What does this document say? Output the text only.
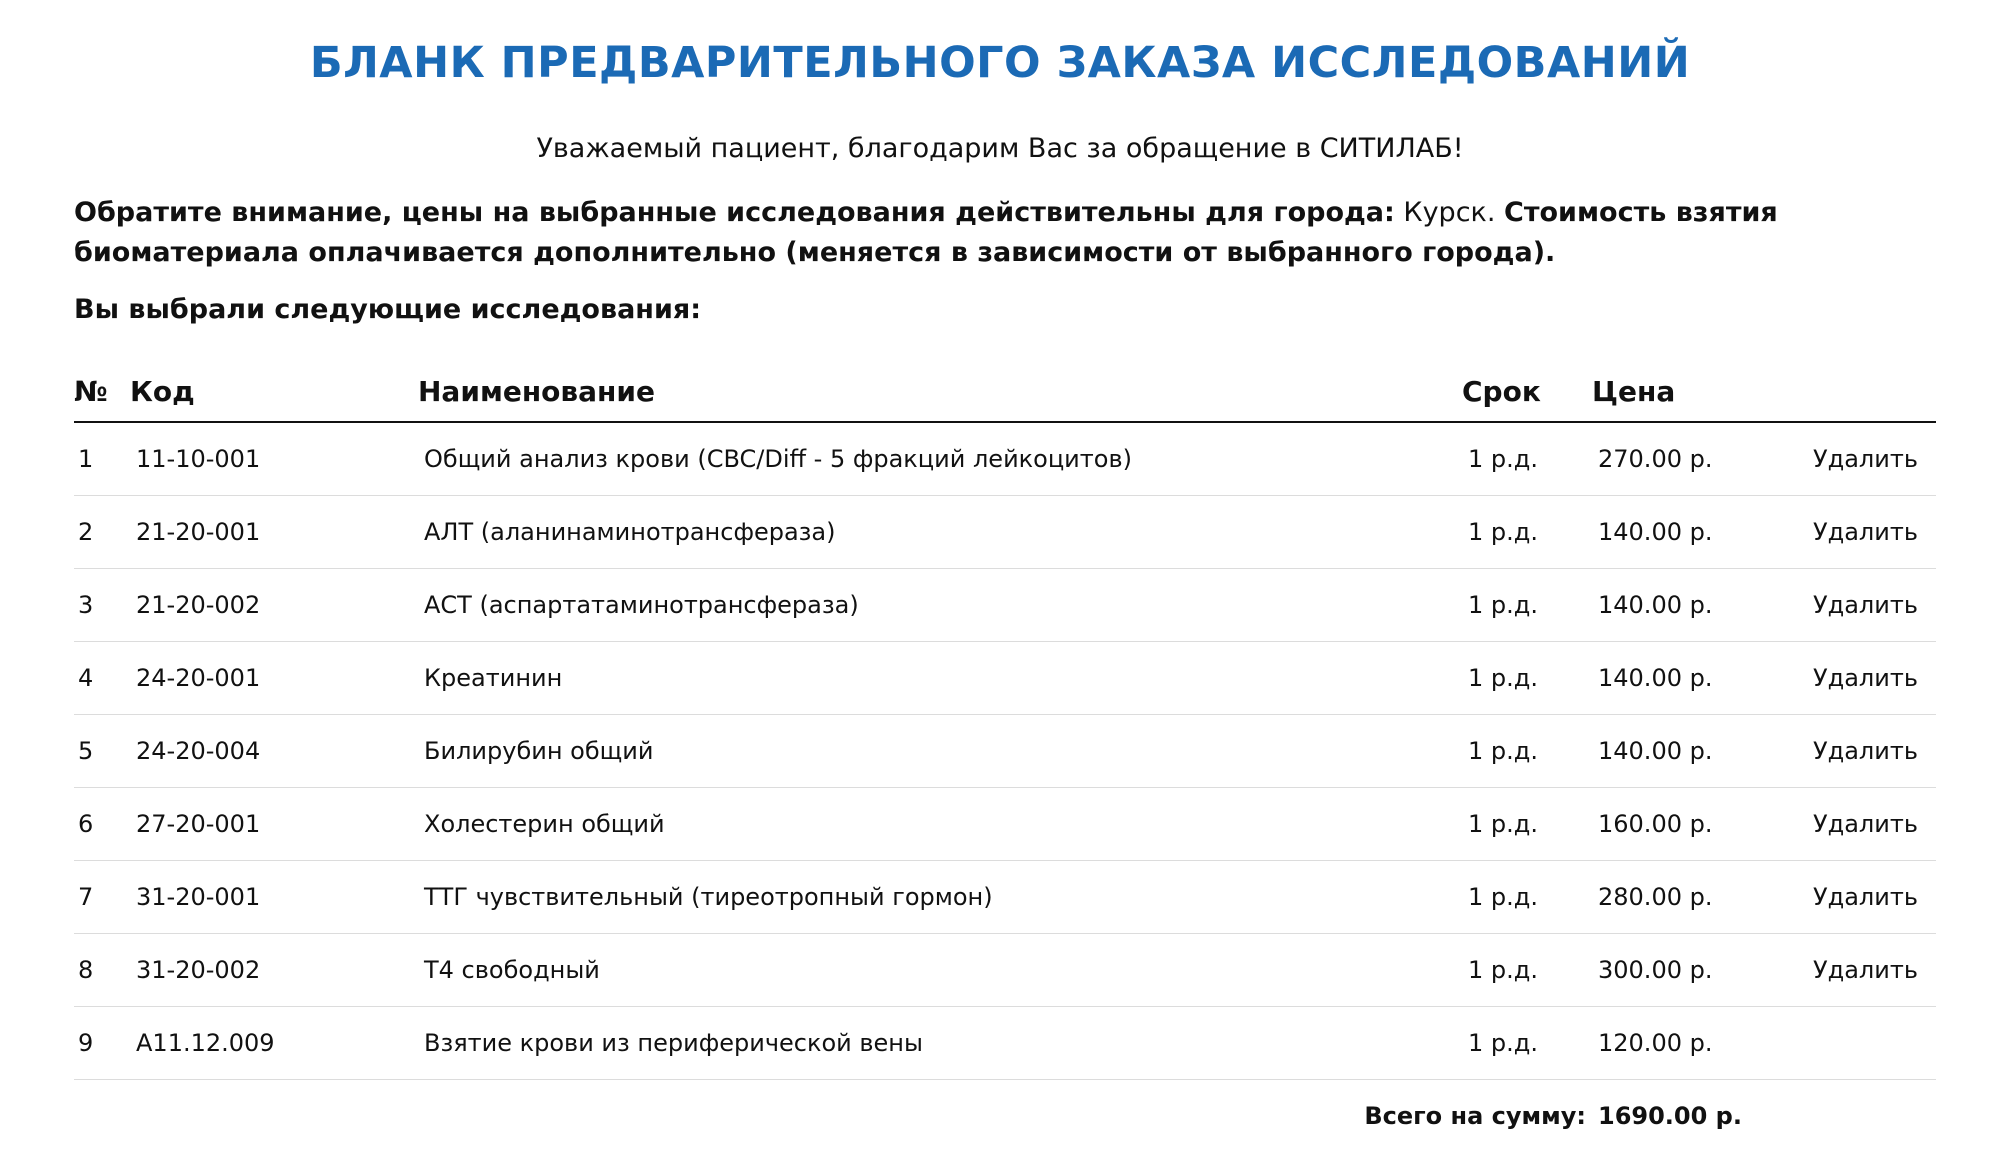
БЛАНК ПРЕДВАРИТЕЛЬНОГО ЗАКАЗА ИССЛЕДОВАНИЙ
Уважаемый пациент, благодарим Вас за обращение в СИТИЛАБ!
Обратите внимание, цены на выбранные исследования действительны для города: Курск. Стоимость взятия биоматериала оплачивается дополнительно (меняется в зависимости от выбранного города).
Вы выбрали следующие исследования:
№ Код	Наименование	Срок Цена
1 11-10-001	Общий анализ крови (CBC/Diff - 5 фракций лейкоцитов)	1 р.д.	270.00 р.	Удалить
2 21-20-001	АЛТ (аланинаминотрансфераза)	1 р.д.	140.00 р.	Удалить
3 21-20-002	АСТ (аспартатаминотрансфераза)	1 р.д.	140.00 р.	Удалить
4 24-20-001	Креатинин	1 р.д.	140.00 р.	Удалить
5 24-20-004	Билирубин общий	1 р.д.	140.00 р.	Удалить
6 27-20-001	Холестерин общий	1 р.д.	160.00 р.	Удалить
7 31-20-001	ТТГ чувствительный (тиреотропный гормон)	1 р.д.	280.00 р.	Удалить
8 31-20-002	Т4 свободный	1 р.д.	300.00 р.	Удалить
9 A11.12.009	Взятие крови из периферической вены	1 р.д.	120.00 р.
Всего на сумму: 1690.00 р.
